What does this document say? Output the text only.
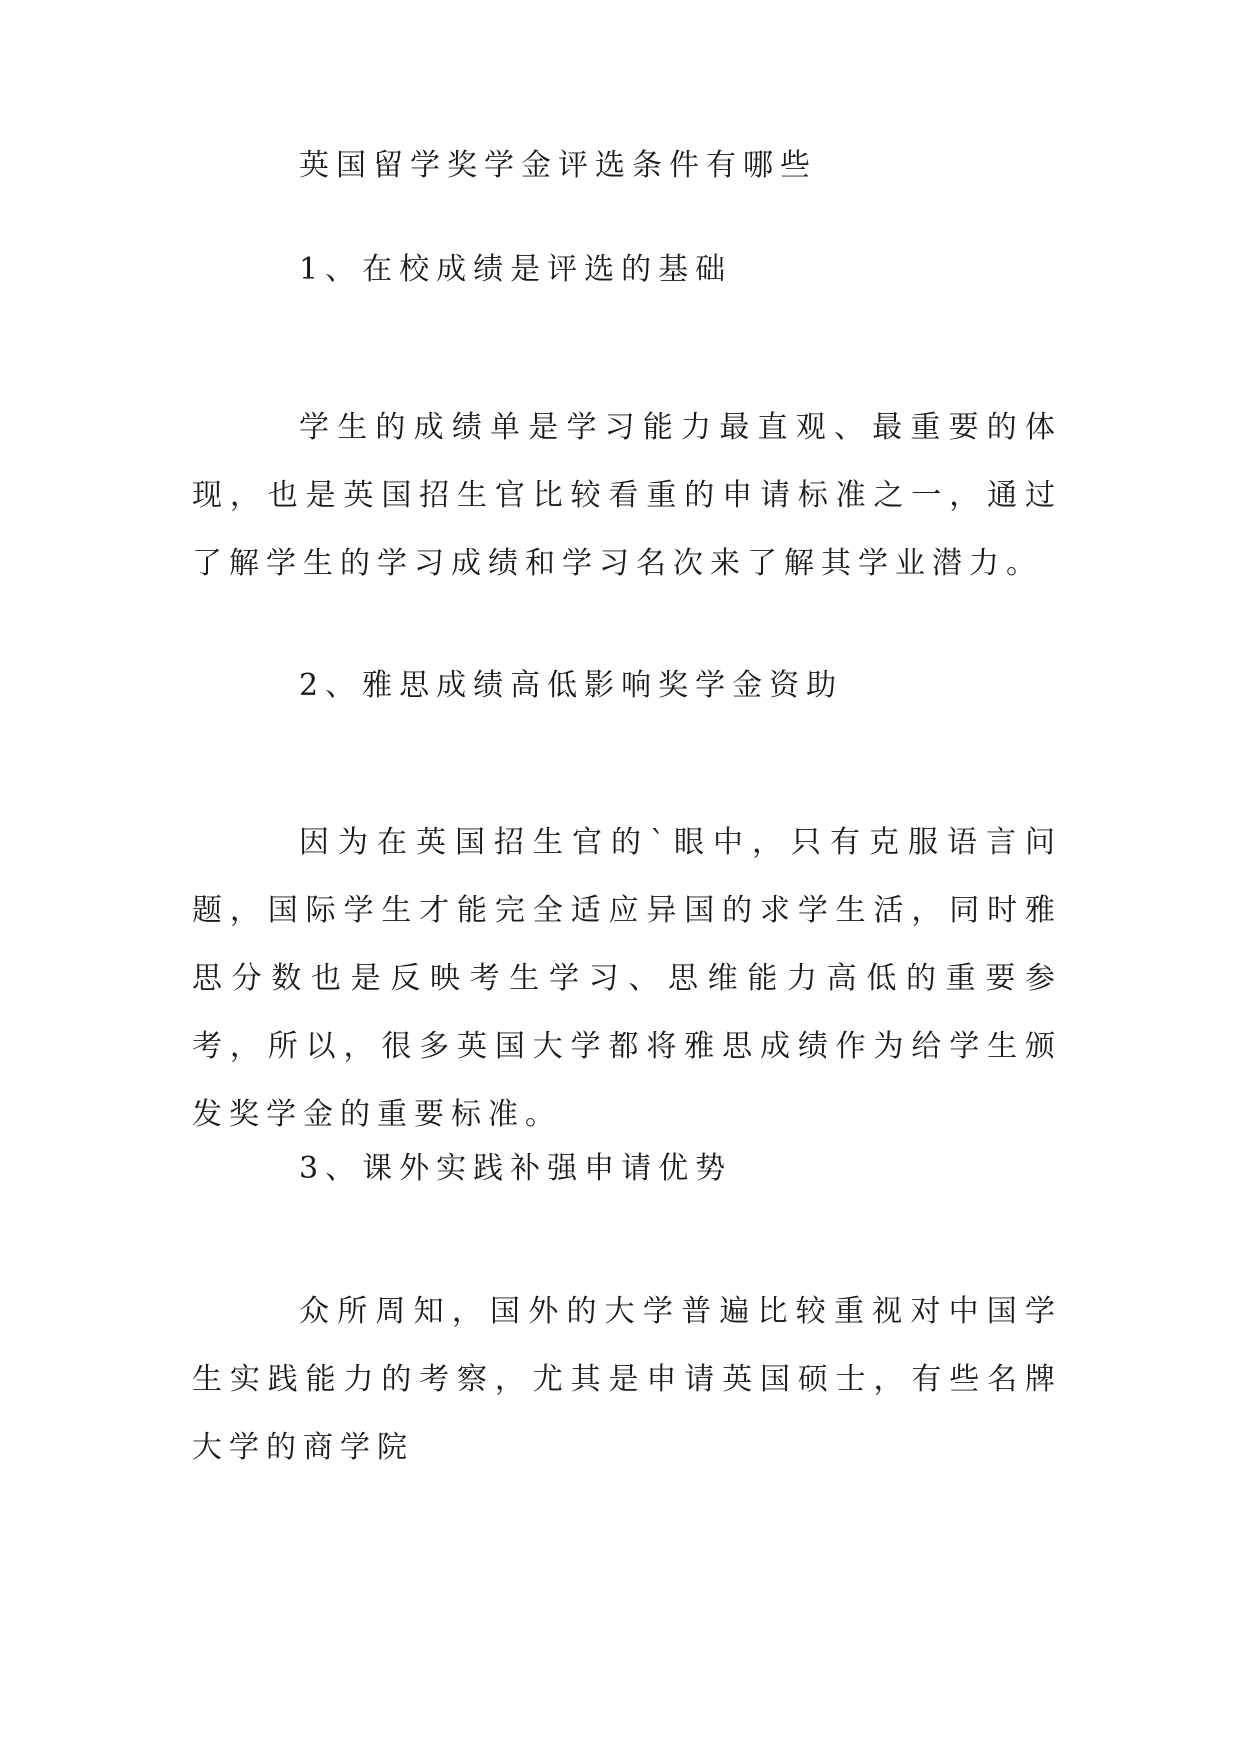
英国留学奖学金评选条件有哪些
1、在校成绩是评选的基础
学生的成绩单是学习能力最直观、最重要的体现，也是英国招生官比较看重的申请标准之一，通过了解学生的学习成绩和学习名次来了解其学业潜力。
2、雅思成绩高低影响奖学金资助
因为在英国招生官的`眼中，只有克服语言问题，国际学生才能完全适应异国的求学生活，同时雅思分数也是反映考生学习、思维能力高低的重要参考，所以，很多英国大学都将雅思成绩作为给学生颁发奖学金的重要标准。
3、课外实践补强申请优势
众所周知，国外的大学普遍比较重视对中国学生实践能力的考察，尤其是申请英国硕士，有些名牌大学的商学院
